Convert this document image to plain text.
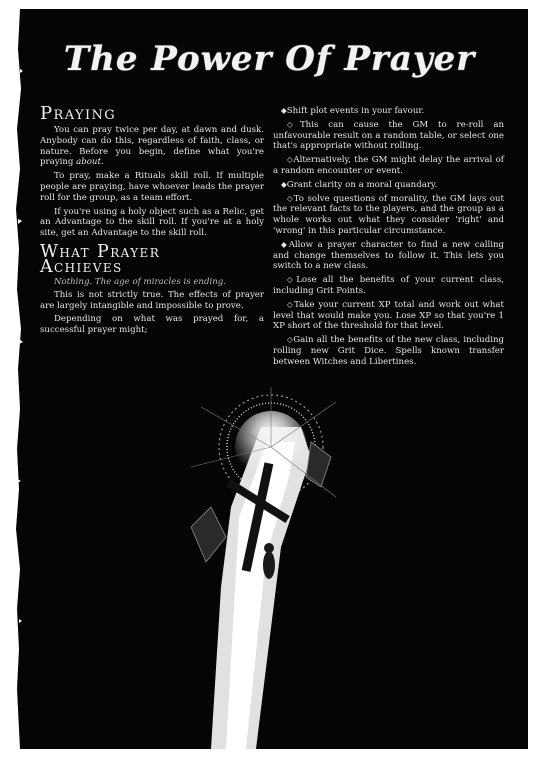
The Power Of Prayer
Praying

You can pray twice per day, at dawn and dusk. Anybody can do this, regardless of faith, class, or nature. Before you begin, define what you're praying about.

To pray, make a Rituals skill roll. If multiple people are praying, have whoever leads the prayer roll for the group, as a team effort.

If you're using a holy object such as a Relic, get an Advantage to the skill roll. If you're at a holy site, get an Advantage to the skill roll.

What Prayer
Achieves

Nothing. The age of miracles is ending.

This is not strictly true. The effects of prayer are largely intangible and impossible to prove.

Depending on what was prayed for, a successful prayer might;

◆Shift plot events in your favour.

◇This can cause the GM to re-roll an unfavourable result on a random table, or select one that's appropriate without rolling.

◇Alternatively, the GM might delay the arrival of a random encounter or event.

◆Grant clarity on a moral quandary.

◇To solve questions of morality, the GM lays out the relevant facts to the players, and the group as a whole works out what they consider 'right' and 'wrong' in this particular circumstance.

◆Allow a prayer character to find a new calling and change themselves to follow it. This lets you switch to a new class.

◇Lose all the benefits of your current class, including Grit Points.

◇Take your current XP total and work out what level that would make you. Lose XP so that you're 1 XP short of the threshold for that level.

◇Gain all the benefits of the new class, including rolling new Grit Dice. Spells known transfer between Witches and Libertines.
